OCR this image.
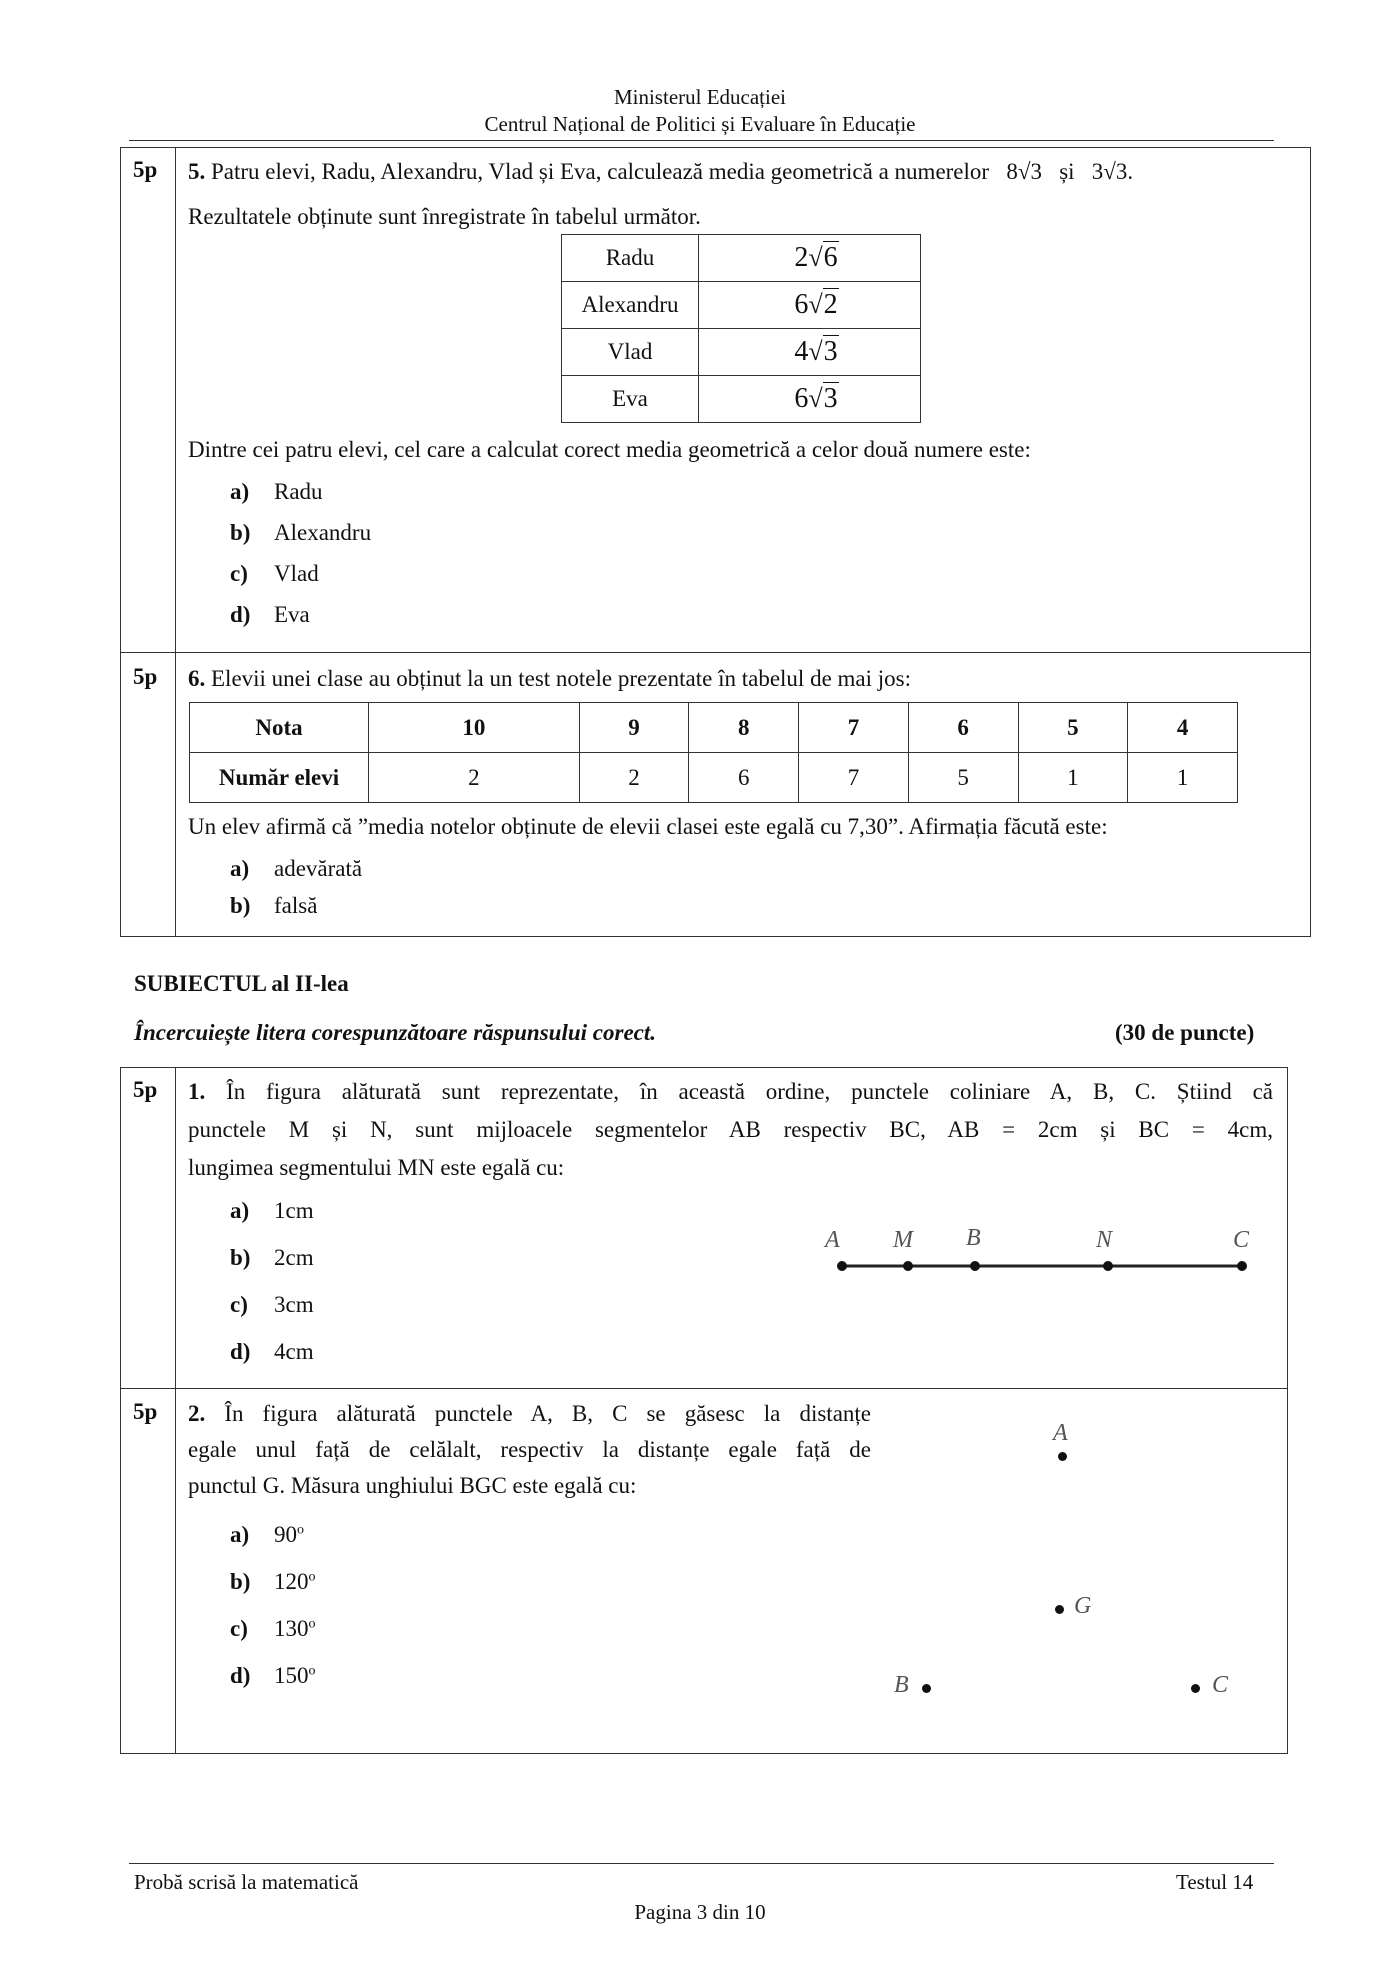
Ministerul Educației
Centrul Național de Politici și Evaluare în Educație
5p 5. Patru elevi, Radu, Alexandru, Vlad și Eva, calculează media geometrică a numerelor 8√3 și 3√3.
Rezultatele obținute sunt înregistrate în tabelul următor.
Radu	2√6
Alexandru	6√2
Vlad	4√3
Eva	6√3
Dintre cei patru elevi, cel care a calculat corect media geometrică a celor două numere este:
a) Radu
b) Alexandru
c) Vlad
d) Eva
5p 6. Elevii unei clase au obținut la un test notele prezentate în tabelul de mai jos:
Nota	10	9	8	7	6	5	4
Număr elevi	2	2	6	7	5	1	1
Un elev afirmă că ”media notelor obținute de elevii clasei este egală cu 7,30”. Afirmația făcută este:
a) adevărată
b) falsă
SUBIECTUL al II-lea
Încercuiește litera corespunzătoare răspunsului corect.	(30 de puncte)
5p 1. În figura alăturată sunt reprezentate, în această ordine, punctele coliniare A, B, C. Știind că
punctele M și N, sunt mijloacele segmentelor AB respectiv BC, AB = 2cm și BC = 4cm,
lungimea segmentului MN este egală cu:
a) 1cm
b) 2cm
c) 3cm
d) 4cm
A M B	N	C
5p 2. În figura alăturată punctele A, B, C se găsesc la distanțe
egale unul față de celălalt, respectiv la distanțe egale față de
punctul G. Măsura unghiului BGC este egală cu:
a) 90$^o$
b) 120$^o$
c) 130$^o$
d) 150$^o$
A
G
B	C
Probă scrisă la matematică	Testul 14
Pagina 3 din 10
